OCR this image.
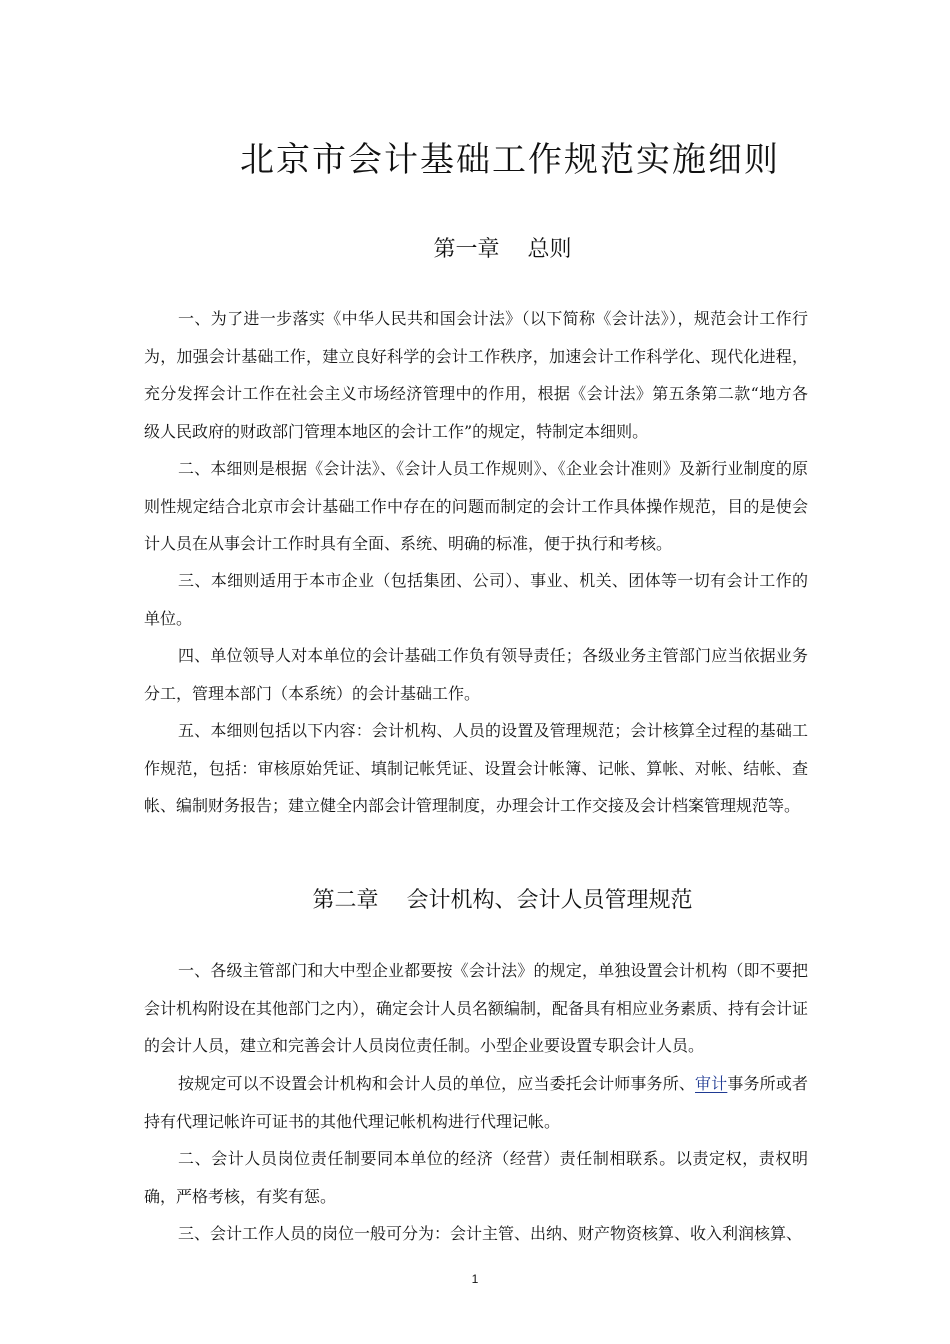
北京市会计基础工作规范实施细则
第一章 总则

一、为了进一步落实《中华人民共和国会计法》（以下简称《会计法》），规范会计工作行为，加强会计基础工作，建立良好科学的会计工作秩序，加速会计工作科学化、现代化进程，充分发挥会计工作在社会主义市场经济管理中的作用，根据《会计法》第五条第二款“地方各级人民政府的财政部门管理本地区的会计工作”的规定，特制定本细则。

二、本细则是根据《会计法》、《会计人员工作规则》、《企业会计准则》及新行业制度的原则性规定结合北京市会计基础工作中存在的问题而制定的会计工作具体操作规范，目的是使会计人员在从事会计工作时具有全面、系统、明确的标准，便于执行和考核。

三、本细则适用于本市企业（包括集团、公司）、事业、机关、团体等一切有会计工作的单位。

四、单位领导人对本单位的会计基础工作负有领导责任；各级业务主管部门应当依据业务分工，管理本部门（本系统）的会计基础工作。

五、本细则包括以下内容：会计机构、人员的设置及管理规范；会计核算全过程的基础工作规范，包括：审核原始凭证、填制记帐凭证、设置会计帐簿、记帐、算帐、对帐、结帐、查帐、编制财务报告；建立健全内部会计管理制度，办理会计工作交接及会计档案管理规范等。

第二章 会计机构、会计人员管理规范

一、各级主管部门和大中型企业都要按《会计法》的规定，单独设置会计机构（即不要把会计机构附设在其他部门之内），确定会计人员名额编制，配备具有相应业务素质、持有会计证的会计人员，建立和完善会计人员岗位责任制。小型企业要设置专职会计人员。

按规定可以不设置会计机构和会计人员的单位，应当委托会计师事务所、审计事务所或者持有代理记帐许可证书的其他代理记帐机构进行代理记帐。

二、会计人员岗位责任制要同本单位的经济（经营）责任制相联系。以责定权，责权明确，严格考核，有奖有惩。

三、会计工作人员的岗位一般可分为：会计主管、出纳、财产物资核算、收入利润核算、

1
